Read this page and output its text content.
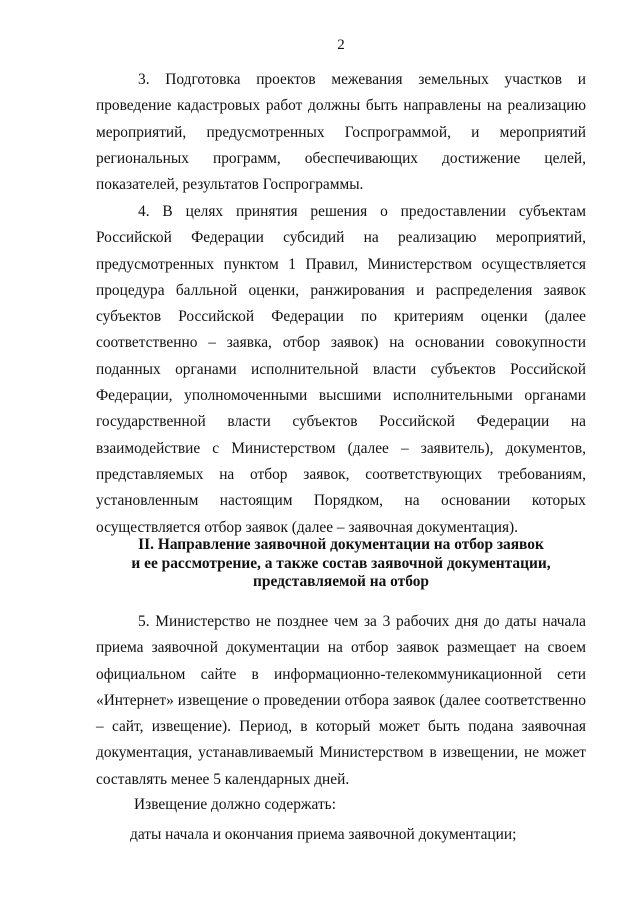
2

3. Подготовка проектов межевания земельных участков и проведение кадастровых работ должны быть направлены на реализацию мероприятий, предусмотренных Госпрограммой, и мероприятий региональных программ, обеспечивающих достижение целей, показателей, результатов Госпрограммы.

4. В целях принятия решения о предоставлении субъектам Российской Федерации субсидий на реализацию мероприятий, предусмотренных пунктом 1 Правил, Министерством осуществляется процедура балльной оценки, ранжирования и распределения заявок субъектов Российской Федерации по критериям оценки (далее соответственно – заявка, отбор заявок) на основании совокупности поданных органами исполнительной власти субъектов Российской Федерации, уполномоченными высшими исполнительными органами государственной власти субъектов Российской Федерации на взаимодействие с Министерством (далее – заявитель), документов, представляемых на отбор заявок, соответствующих требованиям, установленным настоящим Порядком, на основании которых осуществляется отбор заявок (далее – заявочная документация).

II. Направление заявочной документации на отбор заявок
и ее рассмотрение, а также состав заявочной документации,
представляемой на отбор

5. Министерство не позднее чем за 3 рабочих дня до даты начала приема заявочной документации на отбор заявок размещает на своем официальном сайте в информационно-телекоммуникационной сети «Интернет» извещение о проведении отбора заявок (далее соответственно – сайт, извещение). Период, в который может быть подана заявочная документация, устанавливаемый Министерством в извещении, не может составлять менее 5 календарных дней.

Извещение должно содержать:
даты начала и окончания приема заявочной документации;
